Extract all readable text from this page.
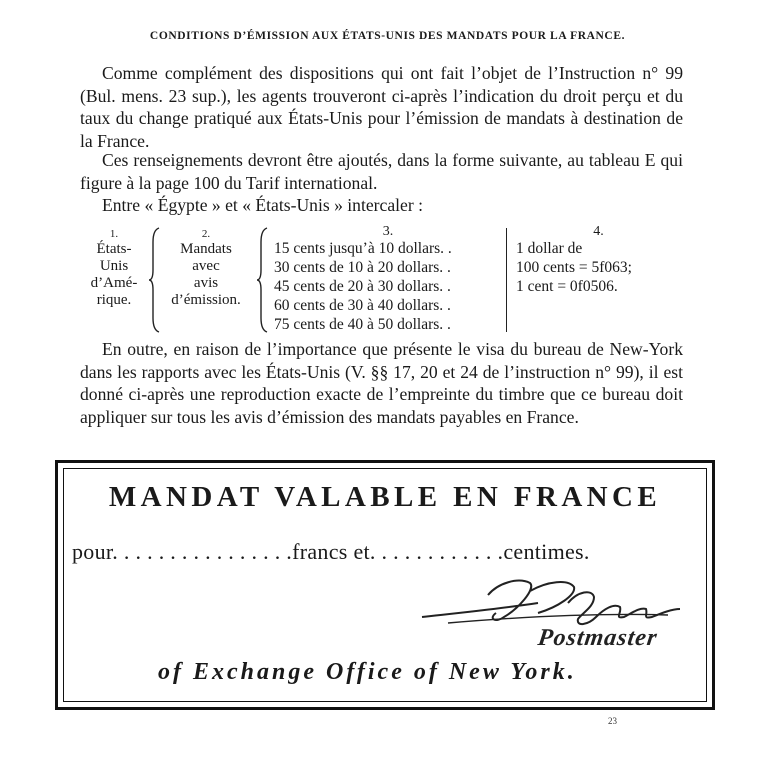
CONDITIONS D’ÉMISSION AUX ÉTATS-UNIS DES MANDATS POUR LA FRANCE.

Comme complément des dispositions qui ont fait l’objet de l’Instruction n° 99 (Bul. mens. 23 sup.), les agents trouveront ci-après l’indication du droit perçu et du taux du change pratiqué aux États-Unis pour l’émission de mandats à destination de la France.

Ces renseignements devront être ajoutés, dans la forme suivante, au tableau E qui figure à la page 100 du Tarif international.

Entre « Égypte » et « États-Unis » intercaler :

1.
États-
Unis
d’Amé-
rique.
2.
Mandats
avec
avis
d’émission.
3.
15 cents jusqu’à 10 dollars. .
30 cents de 10 à 20 dollars. .
45 cents de 20 à 30 dollars. .
60 cents de 30 à 40 dollars. .
75 cents de 40 à 50 dollars. .
4.
1 dollar de
100 cents = 5f063;
1 cent = 0f0506.

En outre, en raison de l’importance que présente le visa du bureau de New-York dans les rapports avec les États-Unis (V. §§ 17, 20 et 24 de l’instruction n° 99), il est donné ci-après une reproduction exacte de l’empreinte du timbre que ce bureau doit appliquer sur tous les avis d’émission des mandats payables en France.

MANDAT VALABLE EN FRANCE
pour. . . . . . . . . . . . . . . .francs et. . . . . . . . . . . .centimes.
Postmaster
of Exchange Office of New York.
23
